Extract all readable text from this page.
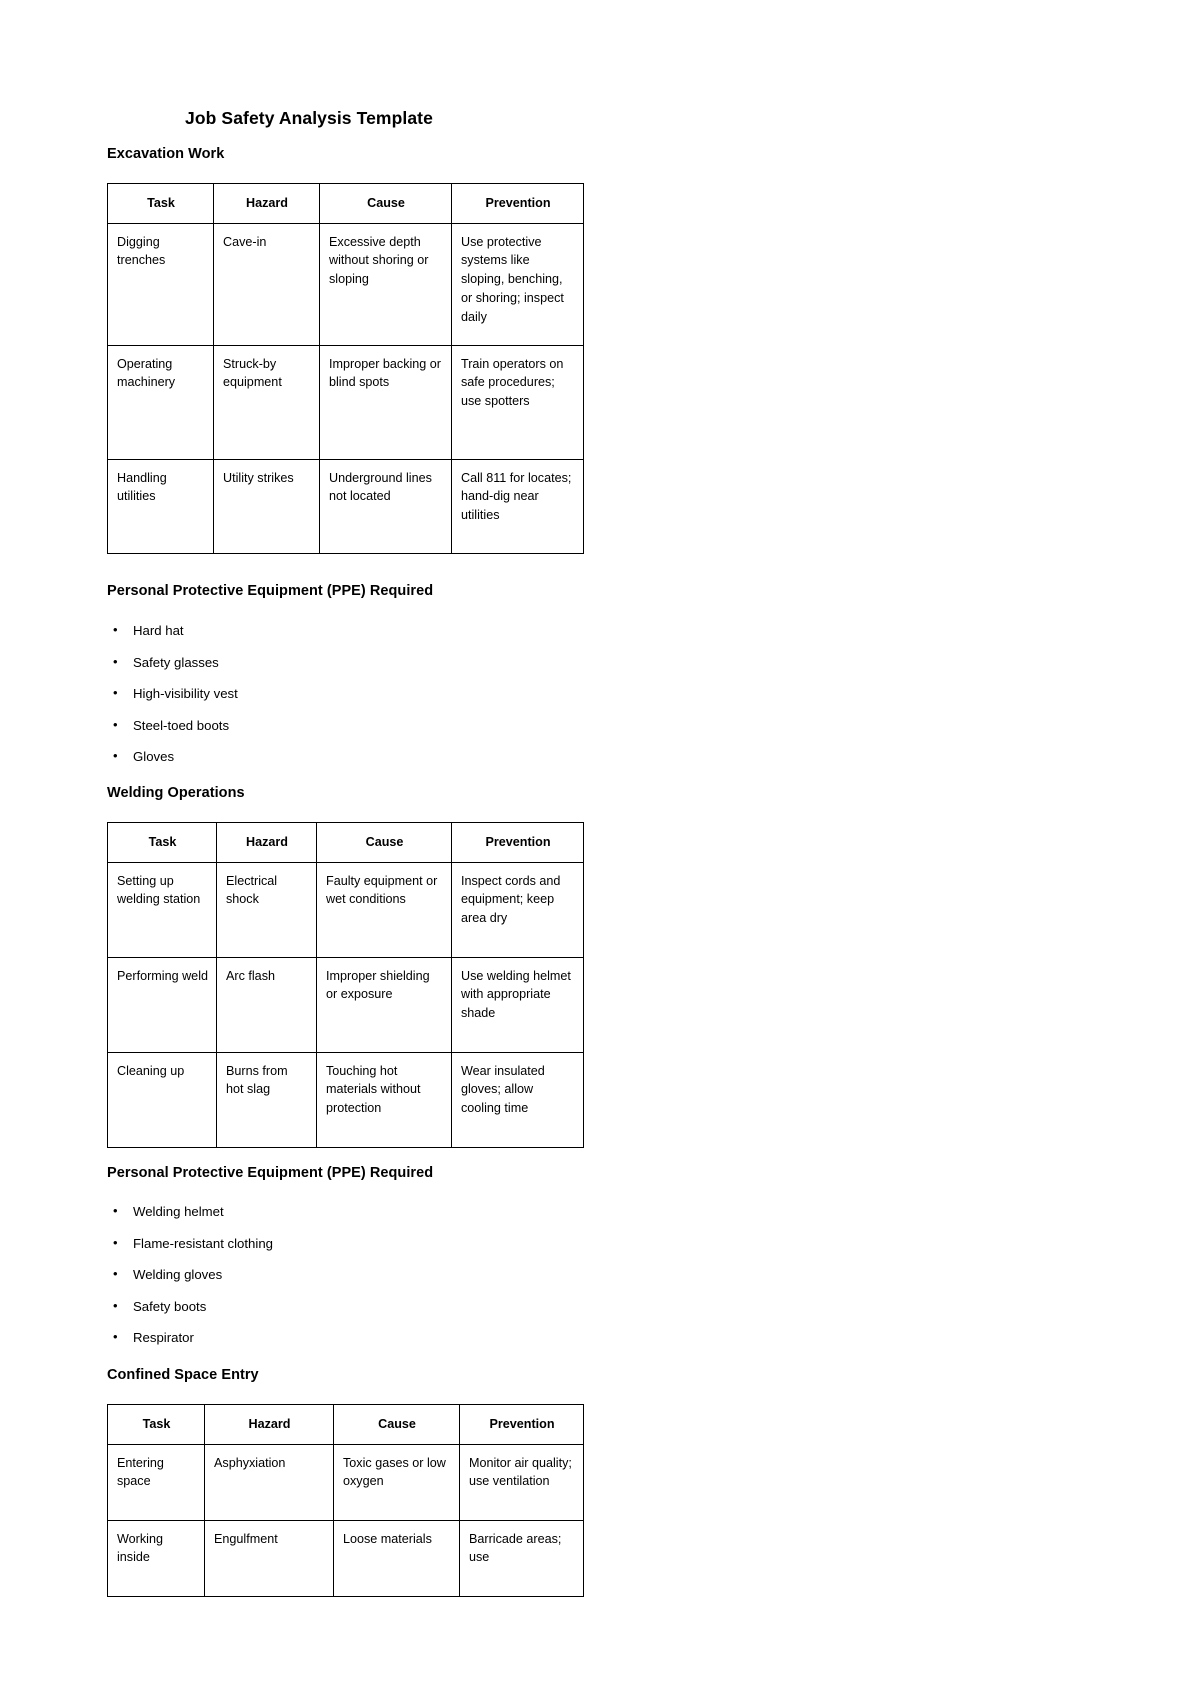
Job Safety Analysis Template
Excavation Work
Task	Hazard	Cause	Prevention
Digging trenches	Cave-in	Excessive depth without shoring or sloping	Use protective systems like sloping, benching, or shoring; inspect daily
Operating machinery	Struck-by equipment	Improper backing or blind spots	Train operators on safe procedures; use spotters
Handling utilities	Utility strikes	Underground lines not located	Call 811 for locates; hand-dig near utilities
Personal Protective Equipment (PPE) Required
• Hard hat
• Safety glasses
• High-visibility vest
• Steel-toed boots
• Gloves
Welding Operations
Task	Hazard	Cause	Prevention
Setting up welding station	Electrical shock	Faulty equipment or wet conditions	Inspect cords and equipment; keep area dry
Performing weld	Arc flash	Improper shielding or exposure	Use welding helmet with appropriate shade
Cleaning up	Burns from hot slag	Touching hot materials without protection	Wear insulated gloves; allow cooling time
Personal Protective Equipment (PPE) Required
• Welding helmet
• Flame-resistant clothing
• Welding gloves
• Safety boots
• Respirator
Confined Space Entry
Task	Hazard	Cause	Prevention
Entering space	Asphyxiation	Toxic gases or low oxygen	Monitor air quality; use ventilation
Working inside	Engulfment	Loose materials	Barricade areas; use
